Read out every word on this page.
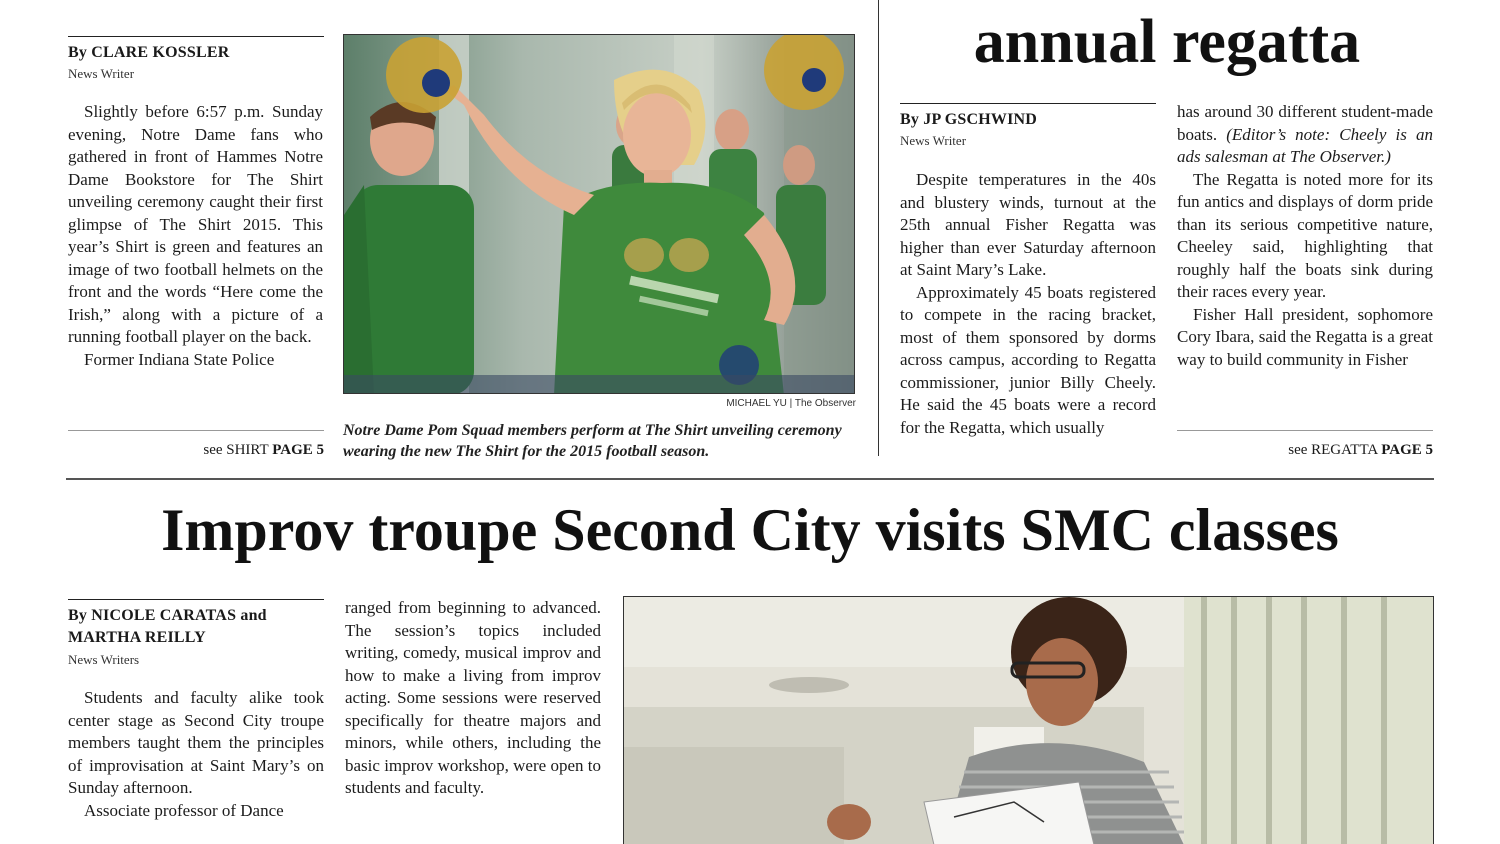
By CLARE KOSSLER
News Writer

Slightly before 6:57 p.m. Sunday evening, Notre Dame fans who gathered in front of Hammes Notre Dame Bookstore for The Shirt unveiling ceremony caught their first glimpse of The Shirt 2015. This year’s Shirt is green and features an image of two football helmets on the front and the words “Here come the Irish,” along with a picture of a running football player on the back.

Former Indiana State Police

see SHIRT PAGE 5
MICHAEL YU | The Observer
Notre Dame Pom Squad members perform at The Shirt unveiling ceremony wearing the new The Shirt for the 2015 football season.
annual regatta
By JP GSCHWIND
News Writer

Despite temperatures in the 40s and blustery winds, turnout at the 25th annual Fisher Regatta was higher than ever Saturday afternoon at Saint Mary’s Lake.

Approximately 45 boats registered to compete in the racing bracket, most of them sponsored by dorms across campus, according to Regatta commissioner, junior Billy Cheely. He said the 45 boats were a record for the Regatta, which usually

has around 30 different student-made boats. (Editor’s note: Cheely is an ads salesman at The Observer.)

The Regatta is noted more for its fun antics and displays of dorm pride than its serious competitive nature, Cheeley said, highlighting that roughly half the boats sink during their races every year.

Fisher Hall president, sophomore Cory Ibara, said the Regatta is a great way to build community in Fisher

see REGATTA PAGE 5
Improv troupe Second City visits SMC classes
By NICOLE CARATAS and
MARTHA REILLY
News Writers

Students and faculty alike took center stage as Second City troupe members taught them the principles of improvisation at Saint Mary’s on Sunday afternoon.

Associate professor of Dance

ranged from beginning to advanced. The session’s topics included writing, comedy, musical improv and how to make a living from improv acting. Some sessions were reserved specifically for theatre majors and minors, while others, including the basic improv workshop, were open to students and faculty.
